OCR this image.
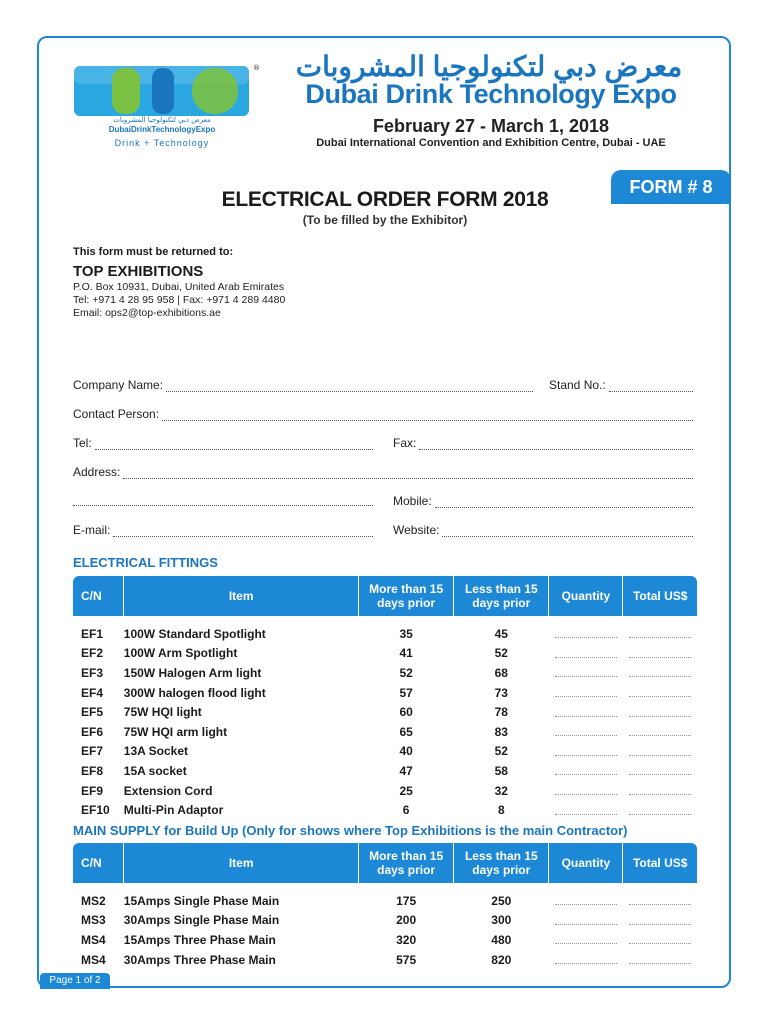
®
معرض دبي لتكنولوجيا المشروبات
DubaiDrinkTechnologyExpo
Drink + Technology
معرض دبي لتكنولوجيا المشروبات
Dubai Drink Technology Expo
February 27 - March 1, 2018
Dubai International Convention and Exhibition Centre, Dubai - UAE
FORM # 8
ELECTRICAL ORDER FORM 2018
(To be filled by the Exhibitor)
This form must be returned to:
TOP EXHIBITIONS
P.O. Box 10931, Dubai, United Arab Emirates
Tel: +971 4 28 95 958 | Fax: +971 4 289 4480
Email: ops2@top-exhibitions.ae
Company Name:	Stand No.:
Contact Person:
Tel:	Fax:
Address:
Mobile:
E-mail:	Website:
ELECTRICAL FITTINGS
C/N	Item	More than 15 days prior	Less than 15 days prior	Quantity	Total US$

EF1	100W Standard Spotlight	35	45		
EF2	100W Arm Spotlight	41	52		
EF3	150W Halogen Arm light	52	68		
EF4	300W halogen flood light	57	73		
EF5	75W HQI light	60	78		
EF6	75W HQI arm light	65	83		
EF7	13A Socket	40	52		
EF8	15A socket	47	58		
EF9	Extension Cord	25	32		
EF10	Multi-Pin Adaptor	6	8		
MAIN SUPPLY for Build Up (Only for shows where Top Exhibitions is the main Contractor)
C/N	Item	More than 15 days prior	Less than 15 days prior	Quantity	Total US$

MS2	15Amps Single Phase Main	175	250		
MS3	30Amps Single Phase Main	200	300		
MS4	15Amps Three Phase Main	320	480		
MS4	30Amps Three Phase Main	575	820		
Page 1 of 2
